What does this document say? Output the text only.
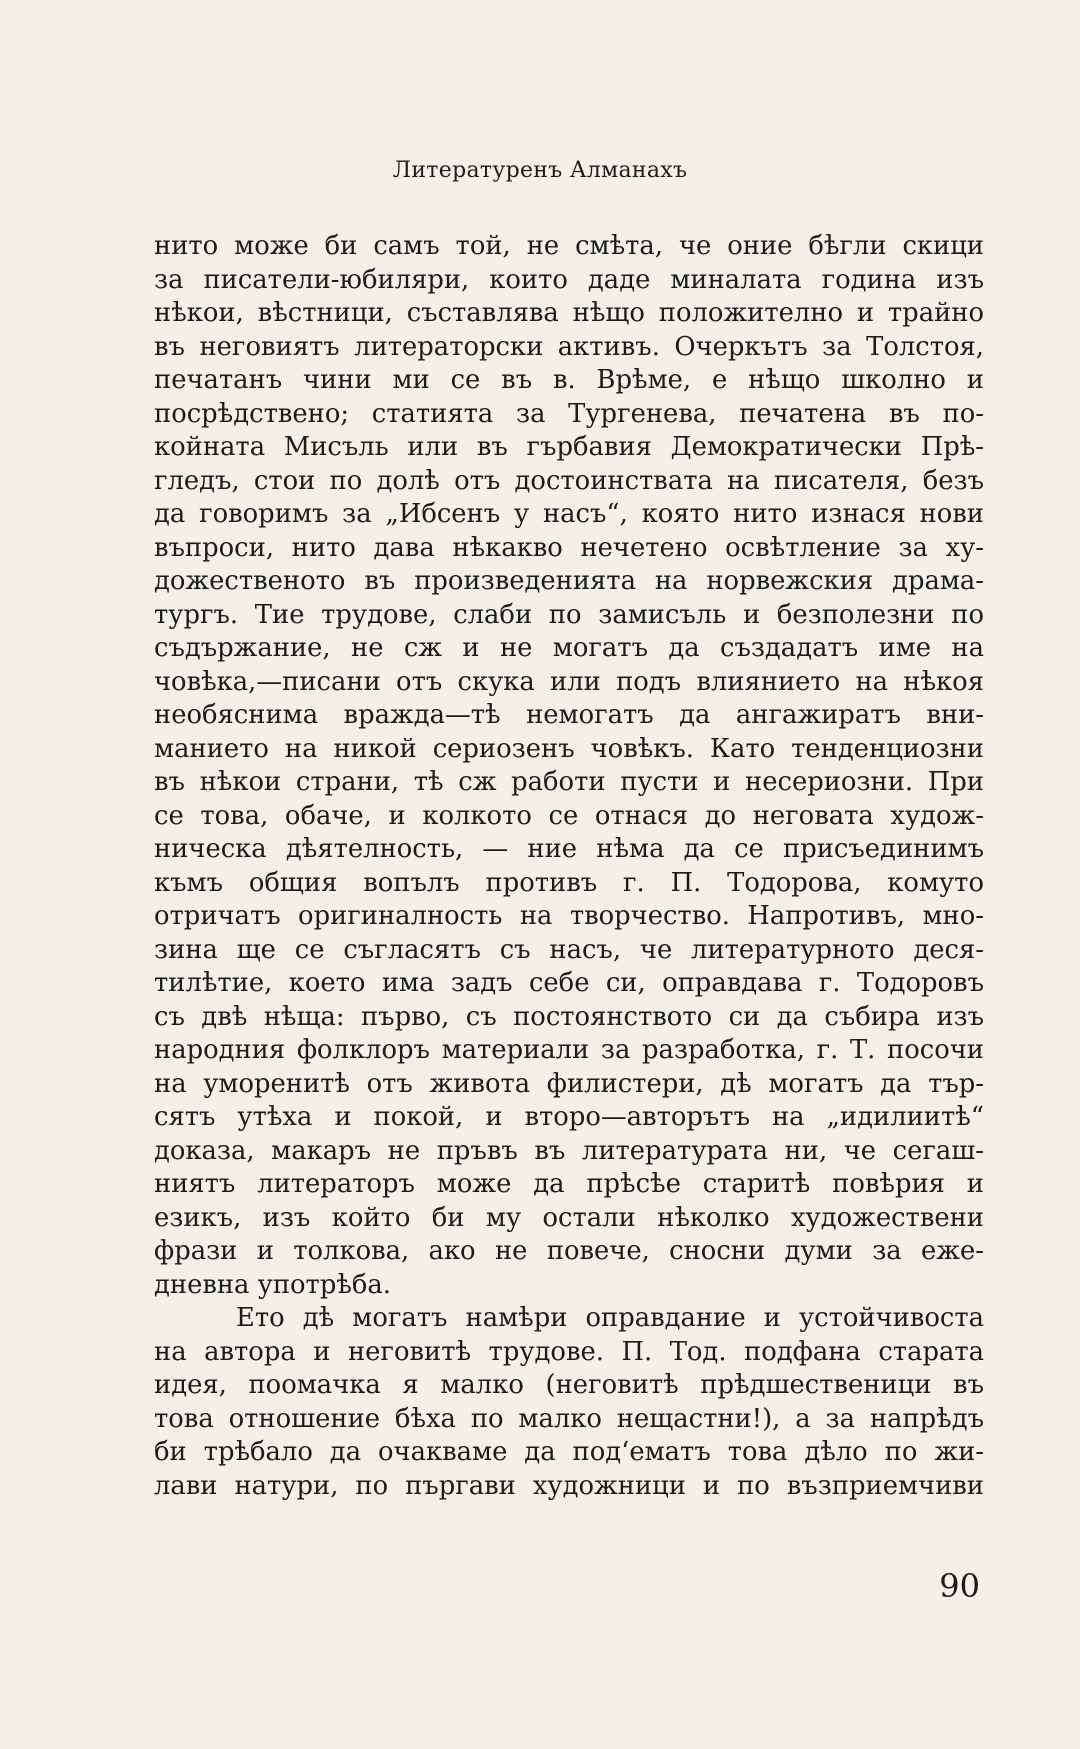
Литературенъ Алманахъ
нито може би самъ той, не смѣта, че оние бѣгли скици
за писатели-юбиляри, които даде миналата година изъ
нѣкои, вѣстници, съставлява нѣщо положително и трайно
въ неговиятъ литераторски активъ. Очеркътъ за Толстоя,
печатанъ чини ми се въ в. Врѣме, е нѣщо школно и
посрѣдствено; статията за Тургенева, печатена въ по-
койната Мисъль или въ гърбавия Демократически Прѣ-
гледъ, стои по долѣ отъ достоинствата на писателя, безъ
да говоримъ за „Ибсенъ у насъ“, която нито изнася нови
въпроси, нито дава нѣкакво нечетено освѣтление за ху-
дожественото въ произведенията на норвежския драма-
тургъ. Тие трудове, слаби по замисъль и безполезни по
съдържание, не сж и не могатъ да създадатъ име на
човѣка,—писани отъ скука или подъ влиянието на нѣкоя
необяснима вражда—тѣ немогатъ да ангажиратъ вни-
манието на никой сериозенъ човѣкъ. Като тенденциозни
въ нѣкои страни, тѣ сж работи пусти и несериозни. При
се това, обаче, и колкото се отнася до неговата худож-
ническа дѣятелность, — ние нѣма да се присъединимъ
къмъ общия вопълъ противъ г. П. Тодорова, комуто
отричатъ оригиналность на творчество. Напротивъ, мно-
зина ще се съгласятъ съ насъ, че литературното деся-
тилѣтие, което има задъ себе си, оправдава г. Тодоровъ
съ двѣ нѣща: първо, съ постоянството си да събира изъ
народния фолклоръ материали за разработка, г. Т. посочи
на уморенитѣ отъ живота филистери, дѣ могатъ да тър-
сятъ утѣха и покой, и второ—авторътъ на „идилиитѣ“
доказа, макаръ не пръвъ въ литературата ни, че сегаш-
ниятъ литераторъ може да прѣсѣе старитѣ повѣрия и
езикъ, изъ който би му остали нѣколко художествени
фрази и толкова, ако не повече, сносни думи за еже-
дневна употрѣба.
Ето дѣ могатъ намѣри оправдание и устойчивоста
на автора и неговитѣ трудове. П. Тод. подфана старата
идея, поомачка я малко (неговитѣ прѣдшественици въ
това отношение бѣха по малко нещастни!), а за напрѣдъ
би трѣбало да очакваме да под‘ематъ това дѣло по жи-
лави натури, по пъргави художници и по възприемчиви
90
